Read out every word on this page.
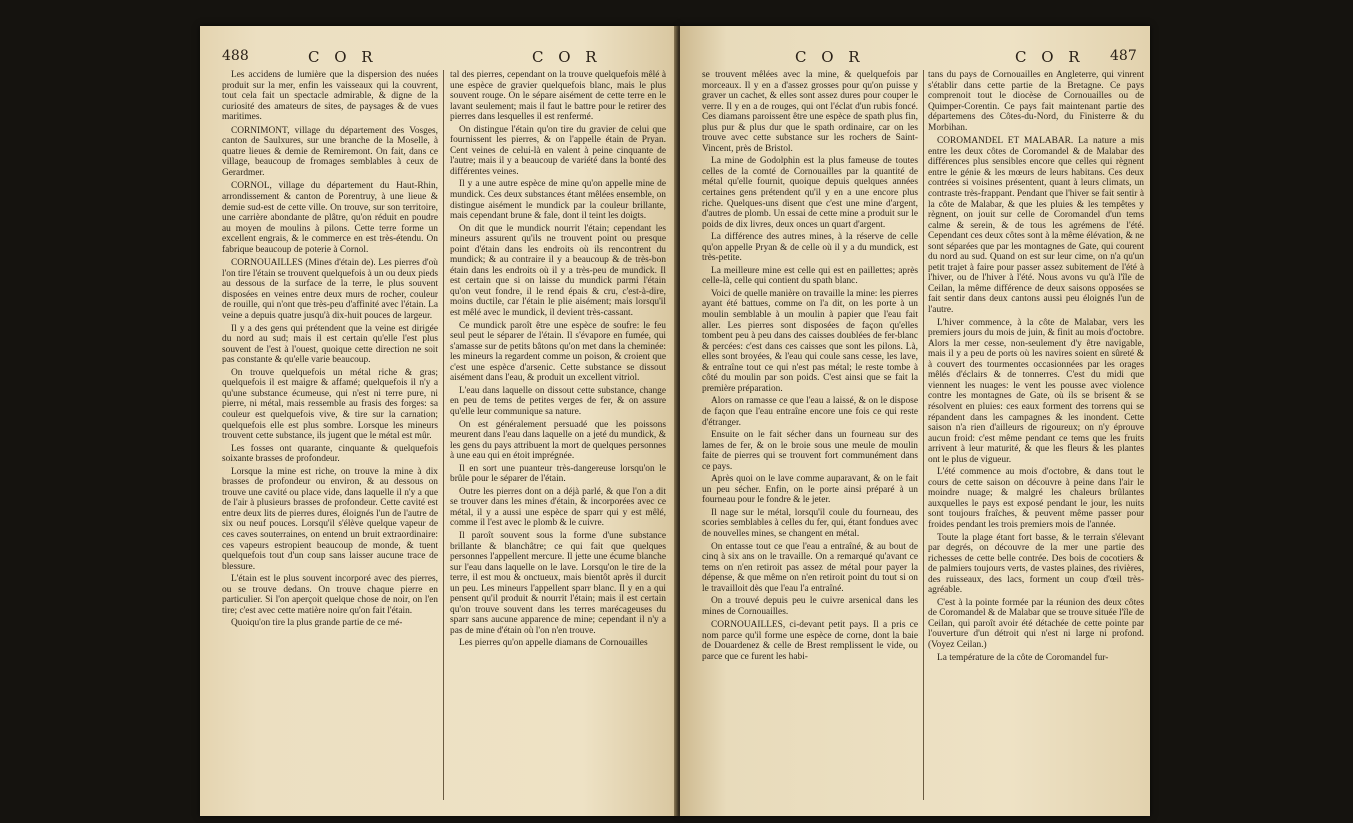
488	C O R	C O R

Les accidens de lumière que la dispersion des nuées produit sur la mer, enfin les vaisseaux qui la couvrent, tout cela fait un spectacle admirable, & digne de la curiosité des amateurs de sites, de paysages & de vues maritimes.

CORNIMONT, village du département des Vosges, canton de Saulxures, sur une branche de la Moselle, à quatre lieues & demie de Remiremont. On fait, dans ce village, beaucoup de fromages semblables à ceux de Gerardmer.

CORNOL, village du département du Haut-Rhin, arrondissement & canton de Porentruy, à une lieue & demie sud-est de cette ville. On trouve, sur son territoire, une carrière abondante de plâtre, qu'on réduit en poudre au moyen de moulins à pilons. Cette terre forme un excellent engrais, & le commerce en est très-étendu. On fabrique beaucoup de poterie à Cornol.

CORNOUAILLES (Mines d'étain de). Les pierres d'où l'on tire l'étain se trouvent quelquefois à un ou deux pieds au dessous de la surface de la terre, le plus souvent disposées en veines entre deux murs de rocher, couleur de rouille, qui n'ont que très-peu d'affinité avec l'étain. La veine a depuis quatre jusqu'à dix-huit pouces de largeur.

Il y a des gens qui prétendent que la veine est dirigée du nord au sud; mais il est certain qu'elle l'est plus souvent de l'est à l'ouest, quoique cette direction ne soit pas constante & qu'elle varie beaucoup.

On trouve quelquefois un métal riche & gras; quelquefois il est maigre & affamé; quelquefois il n'y a qu'une substance écumeuse, qui n'est ni terre pure, ni pierre, ni métal, mais ressemble au frasis des forges: sa couleur est quelquefois vive, & tire sur la carnation; quelquefois elle est plus sombre. Lorsque les mineurs trouvent cette substance, ils jugent que le métal est mûr.

Les fosses ont quarante, cinquante & quelquefois soixante brasses de profondeur.

Lorsque la mine est riche, on trouve la mine à dix brasses de profondeur ou environ, & au dessous on trouve une cavité ou place vide, dans laquelle il n'y a que de l'air à plusieurs brasses de profondeur. Cette cavité est entre deux lits de pierres dures, éloignés l'un de l'autre de six ou neuf pouces. Lorsqu'il s'élève quelque vapeur de ces caves souterraines, on entend un bruit extraordinaire: ces vapeurs estropient beaucoup de monde, & tuent quelquefois tout d'un coup sans laisser aucune trace de blessure.

L'étain est le plus souvent incorporé avec des pierres, ou se trouve dedans. On trouve chaque pierre en particulier. Si l'on aperçoit quelque chose de noir, on l'en tire; c'est avec cette matière noire qu'on fait l'étain.

Quoiqu'on tire la plus grande partie de ce mé-

tal des pierres, cependant on la trouve quelquefois mêlé à une espèce de gravier quelquefois blanc, mais le plus souvent rouge. On le sépare aisément de cette terre en le lavant seulement; mais il faut le battre pour le retirer des pierres dans lesquelles il est renfermé.

On distingue l'étain qu'on tire du gravier de celui que fournissent les pierres, & on l'appelle étain de Pryan. Cent veines de celui-là en valent à peine cinquante de l'autre; mais il y a beaucoup de variété dans la bonté des différentes veines.

Il y a une autre espèce de mine qu'on appelle mine de mundick. Ces deux substances étant mêlées ensemble, on distingue aisément le mundick par la couleur brillante, mais cependant brune & fale, dont il teint les doigts.

On dit que le mundick nourrit l'étain; cependant les mineurs assurent qu'ils ne trouvent point ou presque point d'étain dans les endroits où ils rencontrent du mundick; & au contraire il y a beaucoup & de très-bon étain dans les endroits où il y a très-peu de mundick. Il est certain que si on laisse du mundick parmi l'étain qu'on veut fondre, il le rend épais & cru, c'est-à-dire, moins ductile, car l'étain le plie aisément; mais lorsqu'il est mêlé avec le mundick, il devient très-cassant.

Ce mundick paroît être une espèce de soufre: le feu seul peut le séparer de l'étain. Il s'évapore en fumée, qui s'amasse sur de petits bâtons qu'on met dans la cheminée: les mineurs la regardent comme un poison, & croient que c'est une espèce d'arsenic. Cette substance se dissout aisément dans l'eau, & produit un excellent vitriol.

L'eau dans laquelle on dissout cette substance, change en peu de tems de petites verges de fer, & on assure qu'elle leur communique sa nature.

On est généralement persuadé que les poissons meurent dans l'eau dans laquelle on a jeté du mundick, & les gens du pays attribuent la mort de quelques personnes à une eau qui en étoit imprégnée.

Il en sort une puanteur très-dangereuse lorsqu'on le brûle pour le séparer de l'étain.

Outre les pierres dont on a déjà parlé, & que l'on a dit se trouver dans les mines d'étain, & incorporées avec ce métal, il y a aussi une espèce de sparr qui y est mêlé, comme il l'est avec le plomb & le cuivre.

Il paroît souvent sous la forme d'une substance brillante & blanchâtre; ce qui fait que quelques personnes l'appellent mercure. Il jette une écume blanche sur l'eau dans laquelle on le lave. Lorsqu'on le tire de la terre, il est mou & onctueux, mais bientôt après il durcit un peu. Les mineurs l'appellent sparr blanc. Il y en a qui pensent qu'il produit & nourrit l'étain; mais il est certain qu'on trouve souvent dans les terres marécageuses du sparr sans aucune apparence de mine; cependant il n'y a pas de mine d'étain où l'on n'en trouve.

Les pierres qu'on appelle diamans de Cornouailles

C O R	C O R 487

se trouvent mêlées avec la mine, & quelquefois par morceaux. Il y en a d'assez grosses pour qu'on puisse y graver un cachet, & elles sont assez dures pour couper le verre. Il y en a de rouges, qui ont l'éclat d'un rubis foncé. Ces diamans paroissent être une espèce de spath plus fin, plus pur & plus dur que le spath ordinaire, car on les trouve avec cette substance sur les rochers de Saint-Vincent, près de Bristol.

La mine de Godolphin est la plus fameuse de toutes celles de la comté de Cornouailles par la quantité de métal qu'elle fournit, quoique depuis quelques années certaines gens prétendent qu'il y en a une encore plus riche. Quelques-uns disent que c'est une mine d'argent, d'autres de plomb. Un essai de cette mine a produit sur le poids de dix livres, deux onces un quart d'argent.

La différence des autres mines, à la réserve de celle qu'on appelle Pryan & de celle où il y a du mundick, est très-petite.

La meilleure mine est celle qui est en paillettes; après celle-là, celle qui contient du spath blanc.

Voici de quelle manière on travaille la mine: les pierres ayant été battues, comme on l'a dit, on les porte à un moulin semblable à un moulin à papier que l'eau fait aller. Les pierres sont disposées de façon qu'elles tombent peu à peu dans des caisses doublées de fer-blanc & percées: c'est dans ces caisses que sont les pilons. Là, elles sont broyées, & l'eau qui coule sans cesse, les lave, & entraîne tout ce qui n'est pas métal; le reste tombe à côté du moulin par son poids. C'est ainsi que se fait la première préparation.

Alors on ramasse ce que l'eau a laissé, & on le dispose de façon que l'eau entraîne encore une fois ce qui reste d'étranger.

Ensuite on le fait sécher dans un fourneau sur des lames de fer, & on le broie sous une meule de moulin faite de pierres qui se trouvent fort communément dans ce pays.

Après quoi on le lave comme auparavant, & on le fait un peu sécher. Enfin, on le porte ainsi préparé à un fourneau pour le fondre & le jeter.

Il nage sur le métal, lorsqu'il coule du fourneau, des scories semblables à celles du fer, qui, étant fondues avec de nouvelles mines, se changent en métal.

On entasse tout ce que l'eau a entraîné, & au bout de cinq à six ans on le travaille. On a remarqué qu'avant ce tems on n'en retiroit pas assez de métal pour payer la dépense, & que même on n'en retiroit point du tout si on le travailloit dès que l'eau l'a entraîné.

On a trouvé depuis peu le cuivre arsenical dans les mines de Cornouailles.

CORNOUAILLES, ci-devant petit pays. Il a pris ce nom parce qu'il forme une espèce de corne, dont la baie de Douardenez & celle de Brest remplissent le vide, ou parce que ce furent les habi-

tans du pays de Cornouailles en Angleterre, qui vinrent s'établir dans cette partie de la Bretagne. Ce pays comprenoit tout le diocèse de Cornouailles ou de Quimper-Corentin. Ce pays fait maintenant partie des départemens des Côtes-du-Nord, du Finisterre & du Morbihan.

COROMANDEL ET MALABAR. La nature a mis entre les deux côtes de Coromandel & de Malabar des différences plus sensibles encore que celles qui règnent entre le génie & les mœurs de leurs habitans. Ces deux contrées si voisines présentent, quant à leurs climats, un contraste très-frappant. Pendant que l'hiver se fait sentir à la côte de Malabar, & que les pluies & les tempêtes y règnent, on jouit sur celle de Coromandel d'un tems calme & serein, & de tous les agrémens de l'été. Cependant ces deux côtes sont à la même élévation, & ne sont séparées que par les montagnes de Gate, qui courent du nord au sud. Quand on est sur leur cime, on n'a qu'un petit trajet à faire pour passer assez subitement de l'été à l'hiver, ou de l'hiver à l'été. Nous avons vu qu'à l'île de Ceilan, la même différence de deux saisons opposées se fait sentir dans deux cantons aussi peu éloignés l'un de l'autre.

L'hiver commence, à la côte de Malabar, vers les premiers jours du mois de juin, & finit au mois d'octobre. Alors la mer cesse, non-seulement d'y être navigable, mais il y a peu de ports où les navires soient en sûreté & à couvert des tourmentes occasionnées par les orages mêlés d'éclairs & de tonnerres. C'est du midi que viennent les nuages: le vent les pousse avec violence contre les montagnes de Gate, où ils se brisent & se résolvent en pluies: ces eaux forment des torrens qui se répandent dans les campagnes & les inondent. Cette saison n'a rien d'ailleurs de rigoureux; on n'y éprouve aucun froid: c'est même pendant ce tems que les fruits arrivent à leur maturité, & que les fleurs & les plantes ont le plus de vigueur.

L'été commence au mois d'octobre, & dans tout le cours de cette saison on découvre à peine dans l'air le moindre nuage; & malgré les chaleurs brûlantes auxquelles le pays est exposé pendant le jour, les nuits sont toujours fraîches, & peuvent même passer pour froides pendant les trois premiers mois de l'année.

Toute la plage étant fort basse, & le terrain s'élevant par degrés, on découvre de la mer une partie des richesses de cette belle contrée. Des bois de cocotiers & de palmiers toujours verts, de vastes plaines, des rivières, des ruisseaux, des lacs, forment un coup d'œil très-agréable.

C'est à la pointe formée par la réunion des deux côtes de Coromandel & de Malabar que se trouve située l'île de Ceilan, qui paroît avoir été détachée de cette pointe par l'ouverture d'un détroit qui n'est ni large ni profond. (Voyez Ceilan.)

La température de la côte de Coromandel fur-
